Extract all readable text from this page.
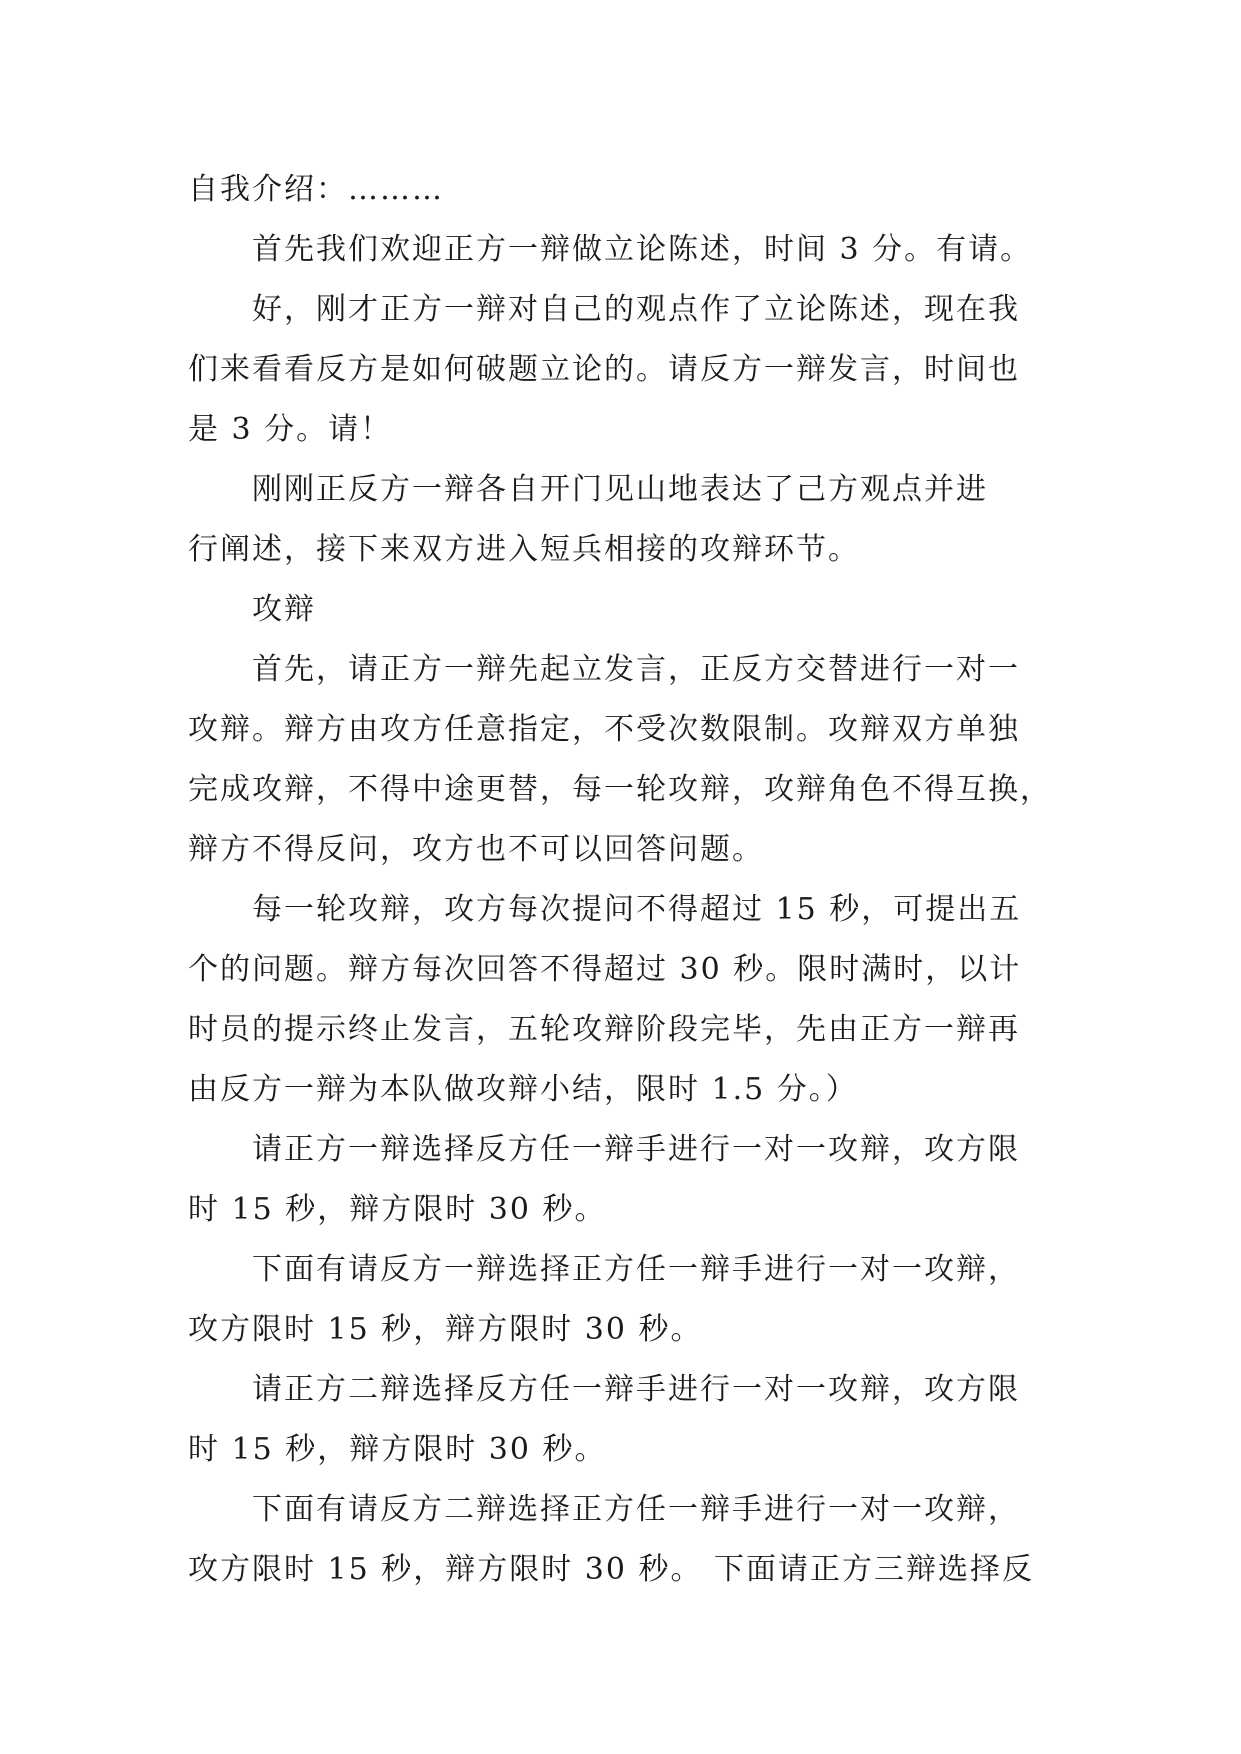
自我介绍：………
首先我们欢迎正方一辩做立论陈述，时间 3 分。有请。
好，刚才正方一辩对自己的观点作了立论陈述，现在我
们来看看反方是如何破题立论的。请反方一辩发言，时间也
是 3 分。请！
刚刚正反方一辩各自开门见山地表达了己方观点并进
行阐述，接下来双方进入短兵相接的攻辩环节。
攻辩
首先，请正方一辩先起立发言，正反方交替进行一对一
攻辩。辩方由攻方任意指定，不受次数限制。攻辩双方单独
完成攻辩，不得中途更替，每一轮攻辩，攻辩角色不得互换，
辩方不得反问，攻方也不可以回答问题。
每一轮攻辩，攻方每次提问不得超过 15 秒，可提出五
个的问题。辩方每次回答不得超过 30 秒。限时满时，以计
时员的提示终止发言，五轮攻辩阶段完毕，先由正方一辩再
由反方一辩为本队做攻辩小结，限时 1.5 分。）
请正方一辩选择反方任一辩手进行一对一攻辩，攻方限
时 15 秒，辩方限时 30 秒。
下面有请反方一辩选择正方任一辩手进行一对一攻辩，
攻方限时 15 秒，辩方限时 30 秒。
请正方二辩选择反方任一辩手进行一对一攻辩，攻方限
时 15 秒，辩方限时 30 秒。
下面有请反方二辩选择正方任一辩手进行一对一攻辩，
攻方限时 15 秒，辩方限时 30 秒。 下面请正方三辩选择反
